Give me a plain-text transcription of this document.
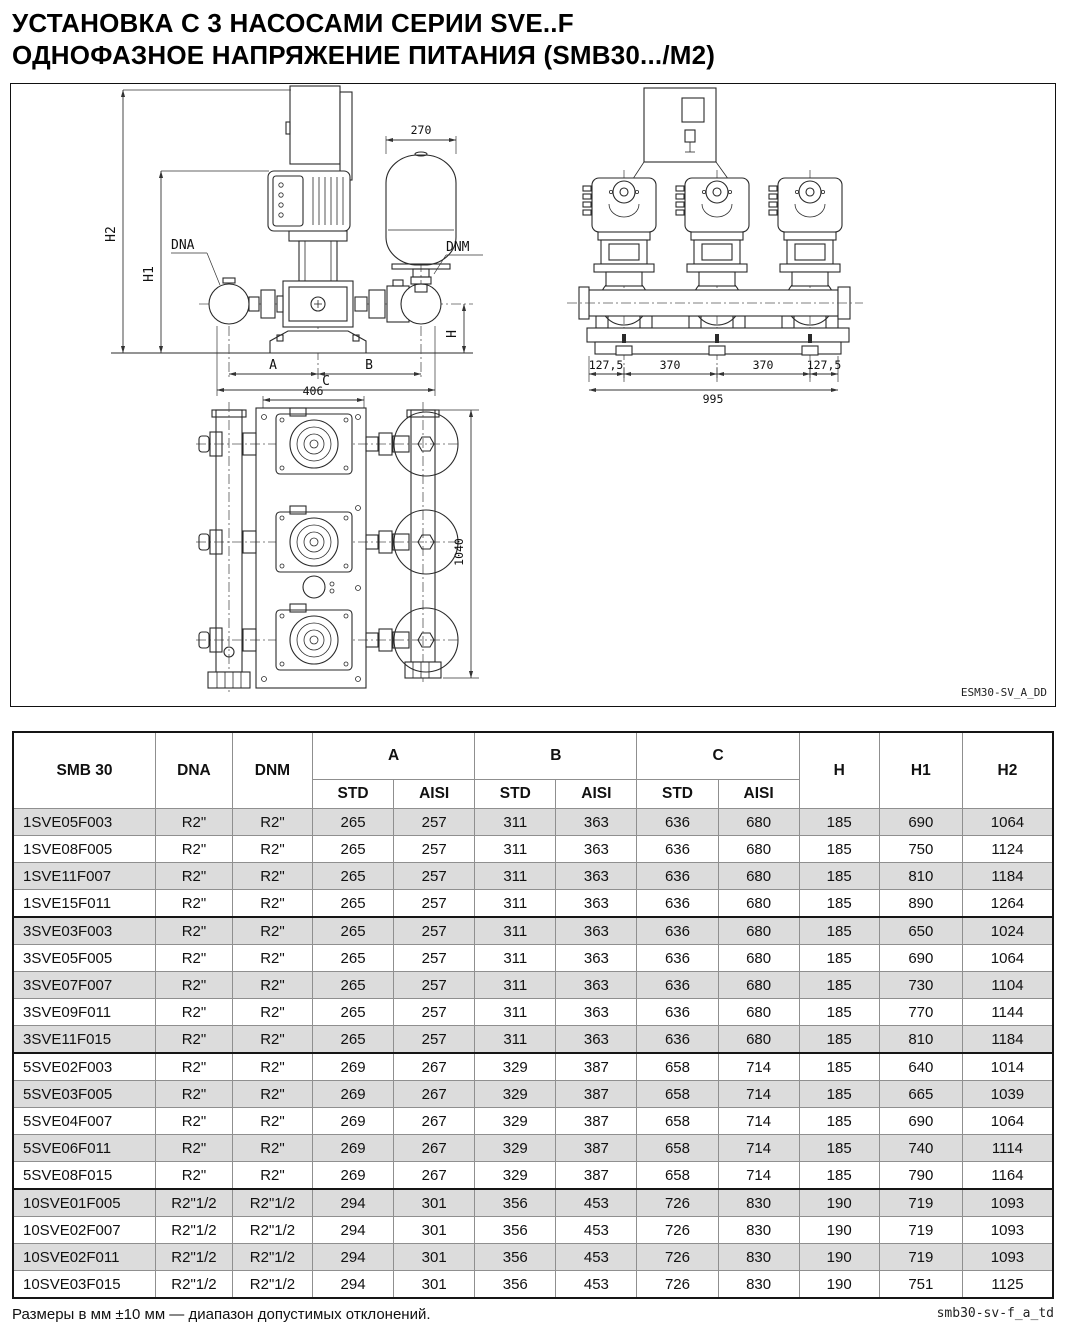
УСТАНОВКА С 3 НАСОСАМИ СЕРИИ SVE..F
ОДНОФАЗНОЕ НАПРЯЖЕНИЕ ПИТАНИЯ (SMB30.../M2)
H2
H1
270
H
DNA	DNM
A	B
C
127,5	370	370	127,5
995
406
1040
ESM30-SV_A_DD
SMB 30	DNA	DNM	A		B		C		H	H1	H2
			STD	AISI	STD	AISI	STD	AISI			
1SVE05F003	R2"	R2"	265	257	311	363	636	680	185	690	1064
1SVE08F005	R2"	R2"	265	257	311	363	636	680	185	750	1124
1SVE11F007	R2"	R2"	265	257	311	363	636	680	185	810	1184
1SVE15F011	R2"	R2"	265	257	311	363	636	680	185	890	1264
3SVE03F003	R2"	R2"	265	257	311	363	636	680	185	650	1024
3SVE05F005	R2"	R2"	265	257	311	363	636	680	185	690	1064
3SVE07F007	R2"	R2"	265	257	311	363	636	680	185	730	1104
3SVE09F011	R2"	R2"	265	257	311	363	636	680	185	770	1144
3SVE11F015	R2"	R2"	265	257	311	363	636	680	185	810	1184
5SVE02F003	R2"	R2"	269	267	329	387	658	714	185	640	1014
5SVE03F005	R2"	R2"	269	267	329	387	658	714	185	665	1039
5SVE04F007	R2"	R2"	269	267	329	387	658	714	185	690	1064
5SVE06F011	R2"	R2"	269	267	329	387	658	714	185	740	1114
5SVE08F015	R2"	R2"	269	267	329	387	658	714	185	790	1164
10SVE01F005	R2"1/2	R2"1/2	294	301	356	453	726	830	190	719	1093
10SVE02F007	R2"1/2	R2"1/2	294	301	356	453	726	830	190	719	1093
10SVE02F011	R2"1/2	R2"1/2	294	301	356	453	726	830	190	719	1093
10SVE03F015	R2"1/2	R2"1/2	294	301	356	453	726	830	190	751	1125
Размеры в мм ±10 мм — диапазон допустимых отклонений.	smb30-sv-f_a_td
